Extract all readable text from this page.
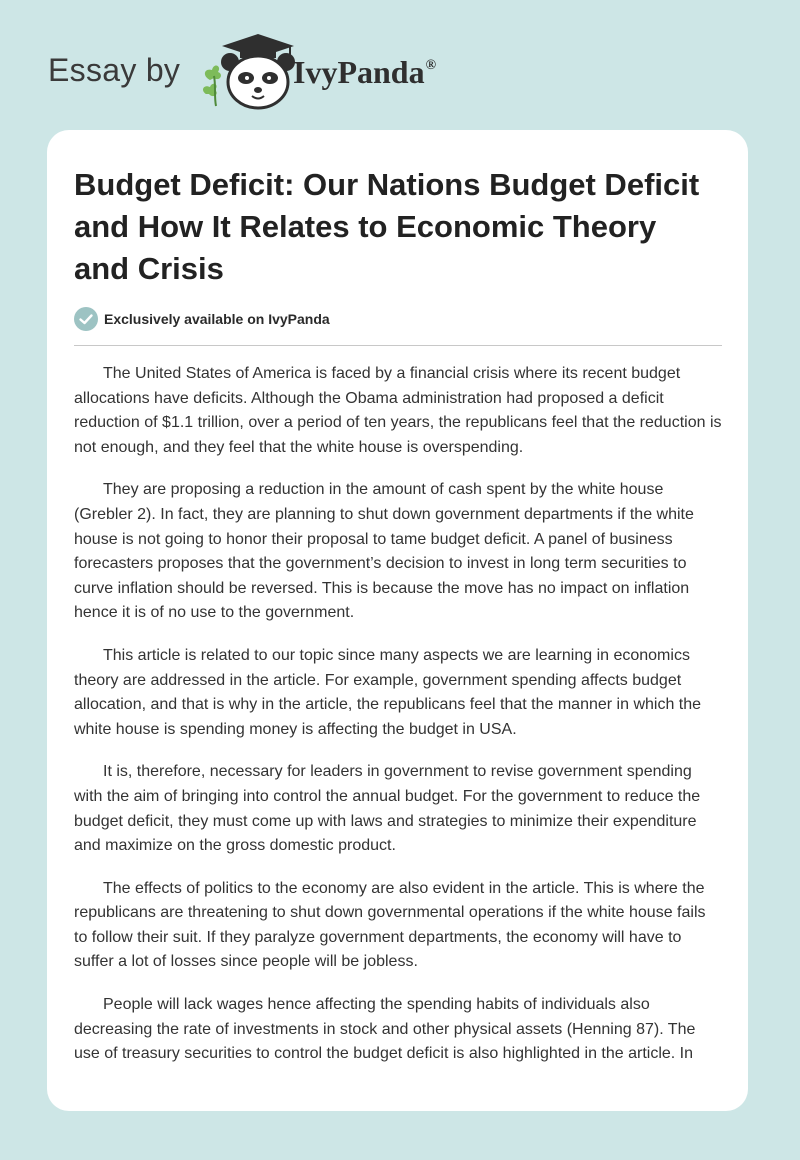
Essay by	IvyPanda®
Budget Deficit: Our Nations Budget Deficit and How It Relates to Economic Theory and Crisis
Exclusively available on IvyPanda

The United States of America is faced by a financial crisis where its recent budget allocations have deficits. Although the Obama administration had proposed a deficit reduction of $1.1 trillion, over a period of ten years, the republicans feel that the reduction is not enough, and they feel that the white house is overspending.

They are proposing a reduction in the amount of cash spent by the white house (Grebler 2). In fact, they are planning to shut down government departments if the white house is not going to honor their proposal to tame budget deficit. A panel of business forecasters proposes that the government’s decision to invest in long term securities to curve inflation should be reversed. This is because the move has no impact on inflation hence it is of no use to the government.

This article is related to our topic since many aspects we are learning in economics theory are addressed in the article. For example, government spending affects budget allocation, and that is why in the article, the republicans feel that the manner in which the white house is spending money is affecting the budget in USA.

It is, therefore, necessary for leaders in government to revise government spending with the aim of bringing into control the annual budget. For the government to reduce the budget deficit, they must come up with laws and strategies to minimize their expenditure and maximize on the gross domestic product.

The effects of politics to the economy are also evident in the article. This is where the republicans are threatening to shut down governmental operations if the white house fails to follow their suit. If they paralyze government departments, the economy will have to suffer a lot of losses since people will be jobless.

People will lack wages hence affecting the spending habits of individuals also decreasing the rate of investments in stock and other physical assets (Henning 87). The use of treasury securities to control the budget deficit is also highlighted in the article. In
